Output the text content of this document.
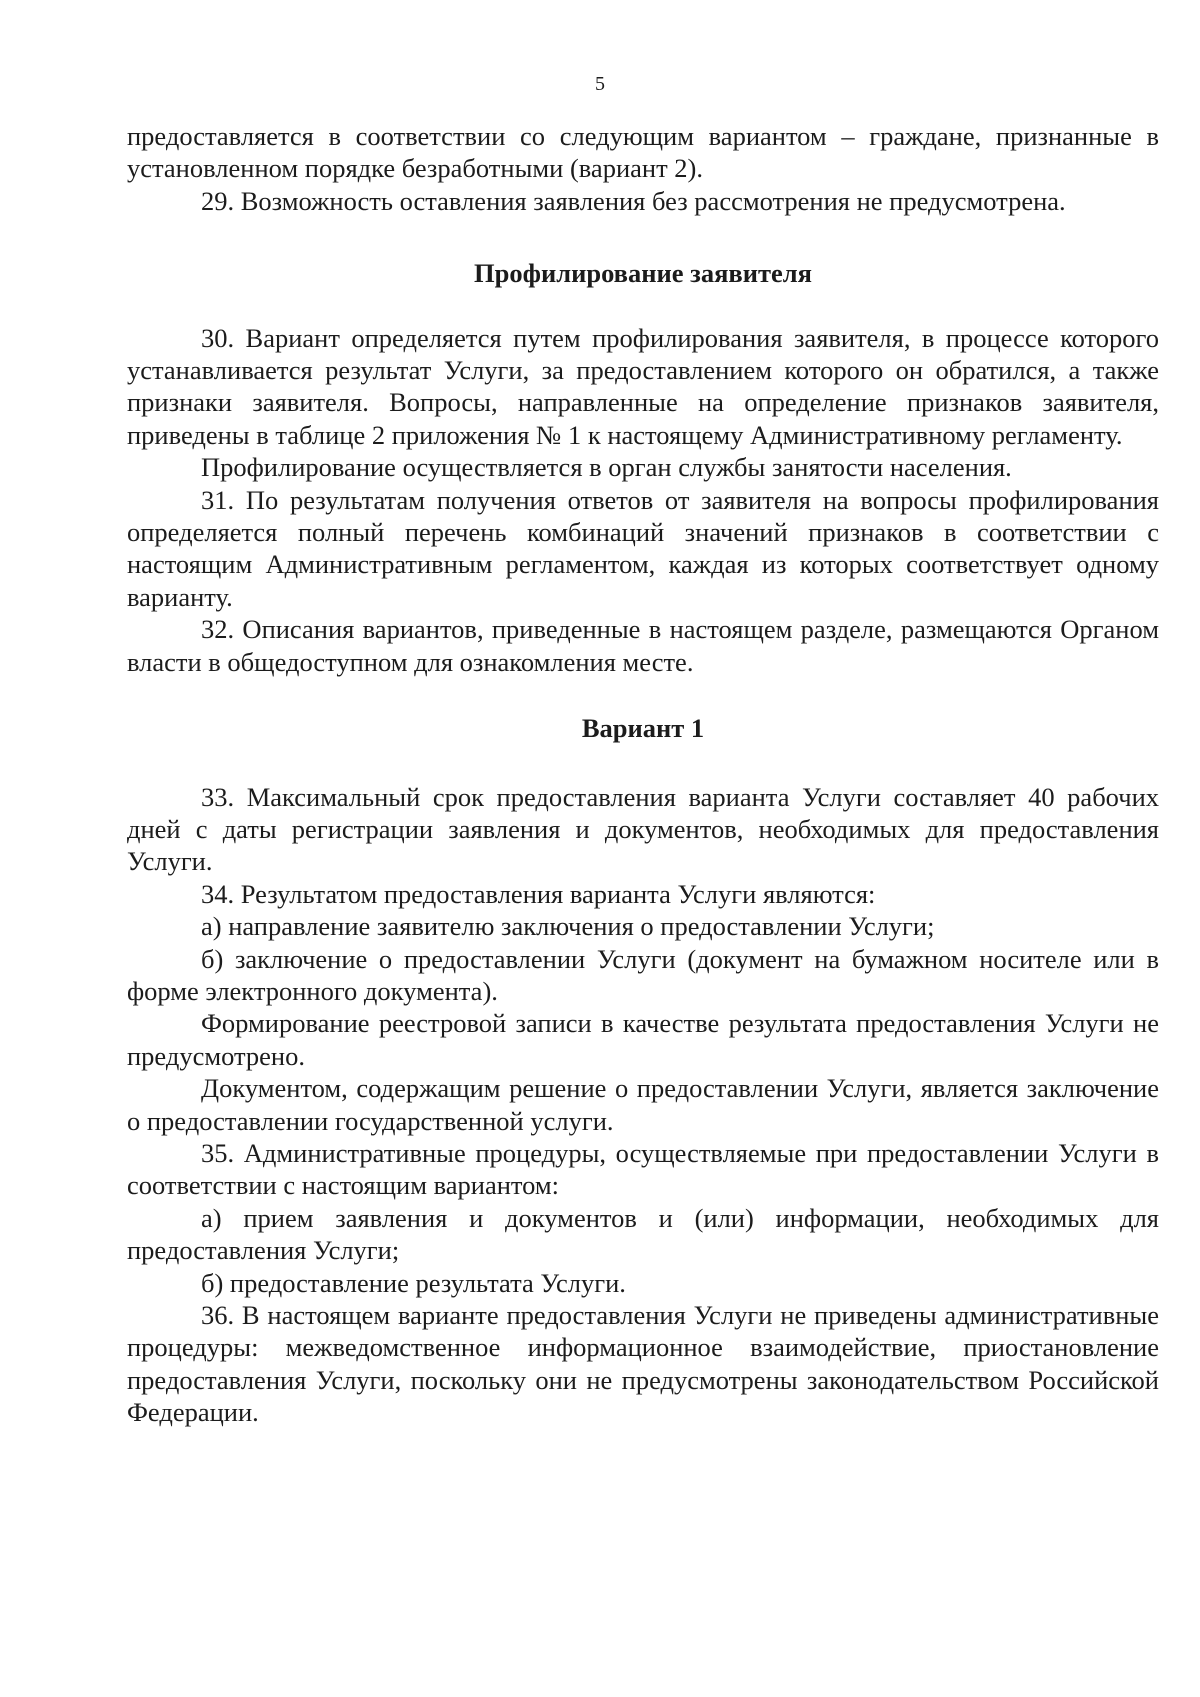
5

предоставляется в соответствии со следующим вариантом – граждане, признанные в установленном порядке безработными (вариант 2).

29. Возможность оставления заявления без рассмотрения не предусмотрена.

Профилирование заявителя

30. Вариант определяется путем профилирования заявителя, в процессе которого устанавливается результат Услуги, за предоставлением которого он обратился, а также признаки заявителя. Вопросы, направленные на определение признаков заявителя, приведены в таблице 2 приложения № 1 к настоящему Административному регламенту.

Профилирование осуществляется в орган службы занятости населения.

31. По результатам получения ответов от заявителя на вопросы профилирования определяется полный перечень комбинаций значений признаков в соответствии с настоящим Административным регламентом, каждая из которых соответствует одному варианту.

32. Описания вариантов, приведенные в настоящем разделе, размещаются Органом власти в общедоступном для ознакомления месте.

Вариант 1

33. Максимальный срок предоставления варианта Услуги составляет 40 рабочих дней с даты регистрации заявления и документов, необходимых для предоставления Услуги.

34. Результатом предоставления варианта Услуги являются:

а) направление заявителю заключения о предоставлении Услуги;

б) заключение о предоставлении Услуги (документ на бумажном носителе или в форме электронного документа).

Формирование реестровой записи в качестве результата предоставления Услуги не предусмотрено.

Документом, содержащим решение о предоставлении Услуги, является заключение о предоставлении государственной услуги.

35. Административные процедуры, осуществляемые при предоставлении Услуги в соответствии с настоящим вариантом:

а) прием заявления и документов и (или) информации, необходимых для предоставления Услуги;

б) предоставление результата Услуги.

36. В настоящем варианте предоставления Услуги не приведены административные процедуры: межведомственное информационное взаимодействие, приостановление предоставления Услуги, поскольку они не предусмотрены законодательством Российской Федерации.
